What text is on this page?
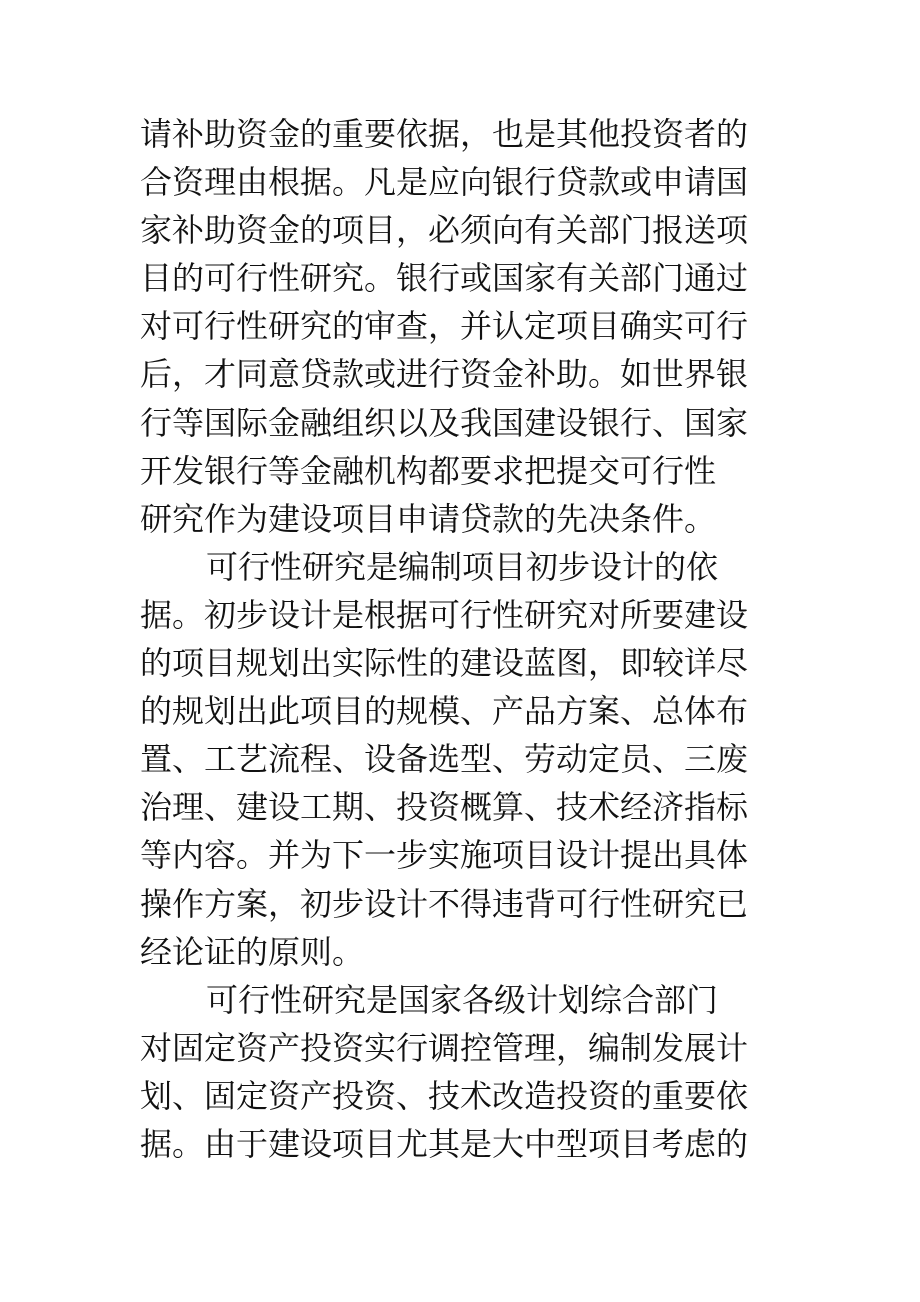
请补助资金的重要依据，也是其他投资者的
合资理由根据。凡是应向银行贷款或申请国
家补助资金的项目，必须向有关部门报送项
目的可行性研究。银行或国家有关部门通过
对可行性研究的审查，并认定项目确实可行
后，才同意贷款或进行资金补助。如世界银
行等国际金融组织以及我国建设银行、国家
开发银行等金融机构都要求把提交可行性
研究作为建设项目申请贷款的先决条件。
可行性研究是编制项目初步设计的依
据。初步设计是根据可行性研究对所要建设
的项目规划出实际性的建设蓝图，即较详尽
的规划出此项目的规模、产品方案、总体布
置、工艺流程、设备选型、劳动定员、三废
治理、建设工期、投资概算、技术经济指标
等内容。并为下一步实施项目设计提出具体
操作方案，初步设计不得违背可行性研究已
经论证的原则。
可行性研究是国家各级计划综合部门
对固定资产投资实行调控管理，编制发展计
划、固定资产投资、技术改造投资的重要依
据。由于建设项目尤其是大中型项目考虑的
